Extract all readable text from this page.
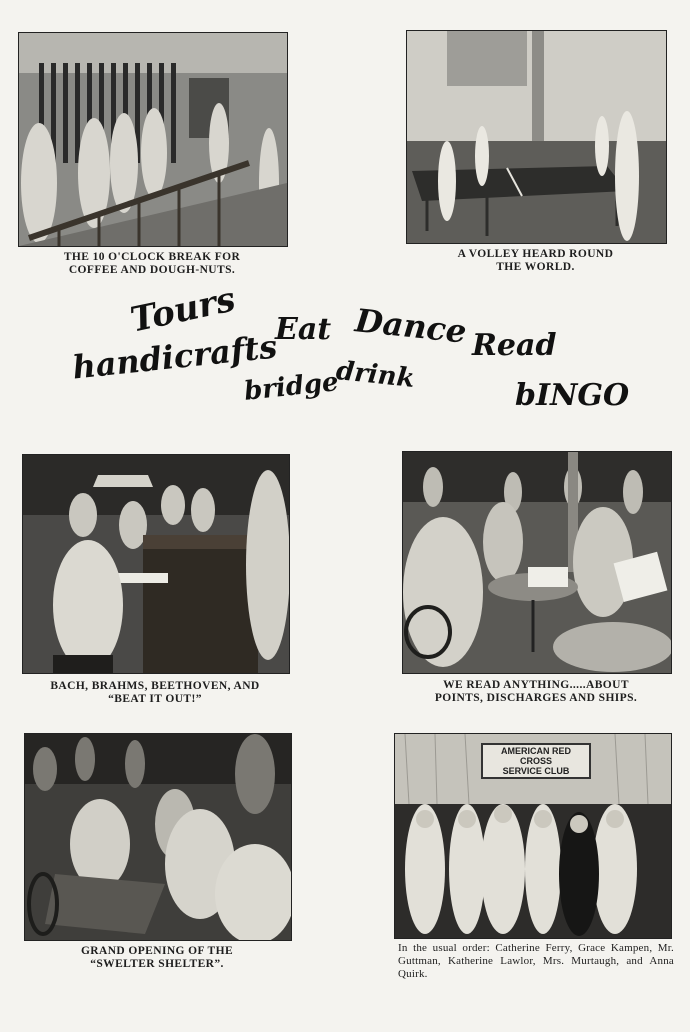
THE 10 O'CLOCK BREAK FOR
COFFEE AND DOUGH-NUTS.
A VOLLEY HEARD ROUND
THE WORLD.
Tours Eat Dance Read
handicrafts
bridge
drink
bINGO
BACH, BRAHMS, BEETHOVEN, AND
“BEAT IT OUT!”
WE READ ANYTHING.....ABOUT
POINTS, DISCHARGES AND SHIPS.
GRAND OPENING OF THE
“SWELTER SHELTER”.
AMERICAN RED CROSS
SERVICE CLUB
In the usual order: Catherine Ferry, Grace Kampen, Mr. Guttman, Katherine Lawlor, Mrs. Murtaugh, and Anna Quirk.
